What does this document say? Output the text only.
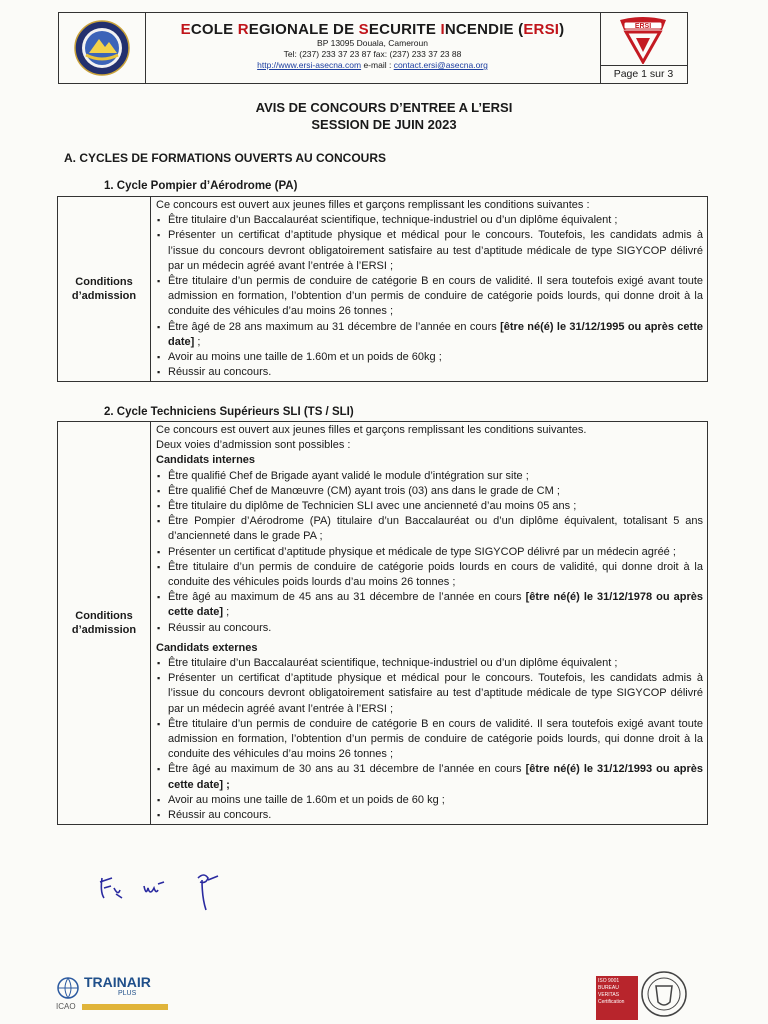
ECOLE REGIONALE DE SECURITE INCENDIE (ERSI)
BP 13095 Douala, Cameroun
Tel: (237) 233 37 23 87 fax: (237) 233 37 23 88
http://www.ersi-asecna.com e-mail : contact.ersi@asecna.org
ERSI
Page 1 sur 3
AVIS DE CONCOURS D’ENTREE A L’ERSI
SESSION DE JUIN 2023
A. CYCLES DE FORMATIONS OUVERTS AU CONCOURS
1. Cycle Pompier d’Aérodrome (PA)
Conditions
d’admission

Ce concours est ouvert aux jeunes filles et garçons remplissant les conditions suivantes :
▪ Être titulaire d’un Baccalauréat scientifique, technique-industriel ou d’un diplôme équivalent ;
▪ Présenter un certificat d’aptitude physique et médical pour le concours. Toutefois, les candidats admis à l’issue du concours devront obligatoirement satisfaire au test d’aptitude médicale de type SIGYCOP délivré par un médecin agréé avant l’entrée à l’ERSI ;
▪ Être titulaire d’un permis de conduire de catégorie B en cours de validité. Il sera toutefois exigé avant toute admission en formation, l’obtention d’un permis de conduire de catégorie poids lourds, qui donne droit à la conduite des véhicules d’au moins 26 tonnes ;
▪ Être âgé de 28 ans maximum au 31 décembre de l’année en cours [être né(é) le 31/12/1995 ou après cette date] ;
▪ Avoir au moins une taille de 1.60m et un poids de 60kg ;
▪ Réussir au concours.
2. Cycle Techniciens Supérieurs SLI (TS / SLI)
Conditions
d’admission

Ce concours est ouvert aux jeunes filles et garçons remplissant les conditions suivantes.
Deux voies d’admission sont possibles :
Candidats internes
▪ Être qualifié Chef de Brigade ayant validé le module d’intégration sur site ;
▪ Être qualifié Chef de Manœuvre (CM) ayant trois (03) ans dans le grade de CM ;
▪ Être titulaire du diplôme de Technicien SLI avec une ancienneté d’au moins 05 ans ;
▪ Être Pompier d’Aérodrome (PA) titulaire d’un Baccalauréat ou d’un diplôme équivalent, totalisant 5 ans d’ancienneté dans le grade PA ;
▪ Présenter un certificat d’aptitude physique et médicale de type SIGYCOP délivré par un médecin agréé ;
▪ Être titulaire d’un permis de conduire de catégorie poids lourds en cours de validité, qui donne droit à la conduite des véhicules poids lourds d’au moins 26 tonnes ;
▪ Être âgé au maximum de 45 ans au 31 décembre de l’année en cours [être né(é) le 31/12/1978 ou après cette date] ;
▪ Réussir au concours.
Candidats externes
▪ Être titulaire d’un Baccalauréat scientifique, technique-industriel ou d’un diplôme équivalent ;
▪ Présenter un certificat d’aptitude physique et médical pour le concours. Toutefois, les candidats admis à l’issue du concours devront obligatoirement satisfaire au test d’aptitude médicale de type SIGYCOP délivré par un médecin agréé avant l’entrée à l’ERSI ;
▪ Être titulaire d’un permis de conduire de catégorie B en cours de validité. Il sera toutefois exigé avant toute admission en formation, l’obtention d’un permis de conduire de catégorie poids lourds, qui donne droit à la conduite des véhicules d’au moins 26 tonnes ;
▪ Être âgé au maximum de 30 ans au 31 décembre de l’année en cours [être né(é) le 31/12/1993 ou après cette date] ;
▪ Avoir au moins une taille de 1.60m et un poids de 60 kg ;
▪ Réussir au concours.
TRAINAIR
PLUS
ICAO
ISO 9001
BUREAU VERITAS
Certification
